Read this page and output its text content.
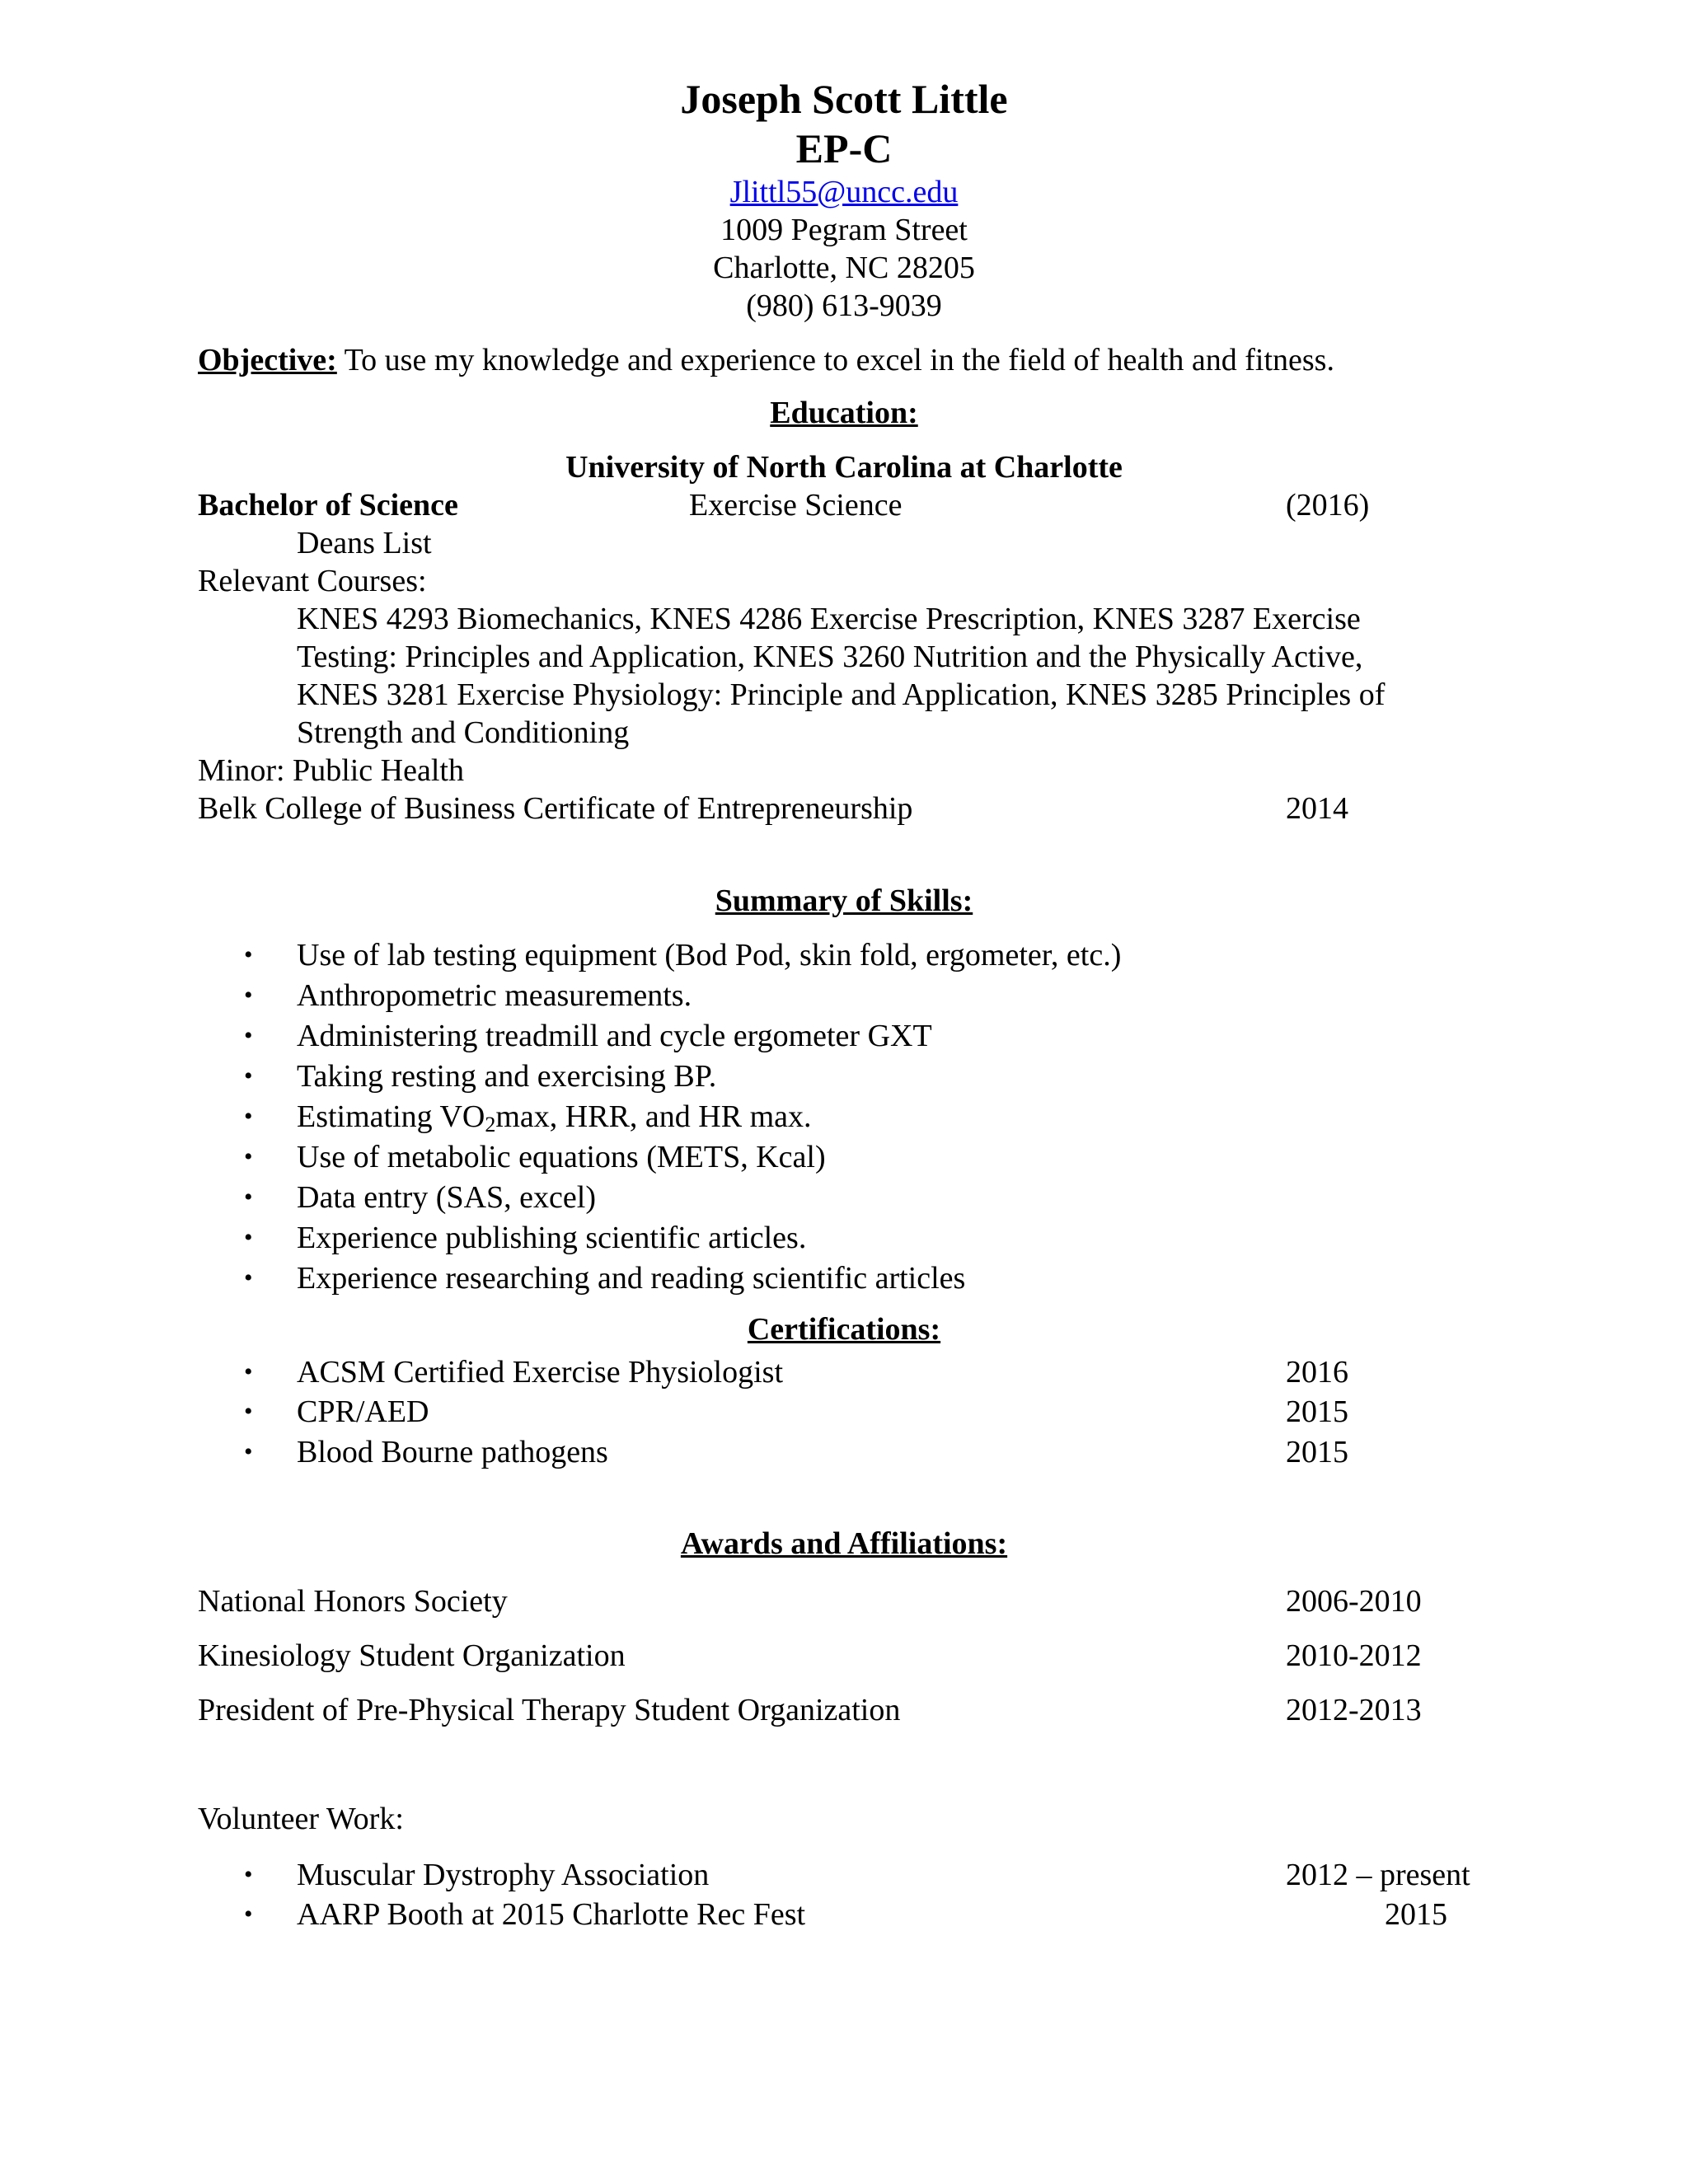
Joseph Scott Little
EP-C
Jlittl55@uncc.edu
1009 Pegram Street
Charlotte, NC 28205
(980) 613-9039
Objective: To use my knowledge and experience to excel in the field of health and fitness.
Education:
University of North Carolina at Charlotte
Bachelor of Science	Exercise Science	(2016)
Deans List
Relevant Courses:
KNES 4293 Biomechanics, KNES 4286 Exercise Prescription, KNES 3287 Exercise
Testing: Principles and Application, KNES 3260 Nutrition and the Physically Active,
KNES 3281 Exercise Physiology: Principle and Application, KNES 3285 Principles of
Strength and Conditioning
Minor: Public Health
Belk College of Business Certificate of Entrepreneurship	2014
Summary of Skills:
• Use of lab testing equipment (Bod Pod, skin fold, ergometer, etc.)
• Anthropometric measurements.
• Administering treadmill and cycle ergometer GXT
• Taking resting and exercising BP.
• Estimating $VO_2\max$, HRR, and HR max.
• Use of metabolic equations (METS, Kcal)
• Data entry (SAS, excel)
• Experience publishing scientific articles.
• Experience researching and reading scientific articles
Certifications:
• ACSM Certified Exercise Physiologist	2016
• CPR/AED	2015
• Blood Bourne pathogens	2015
Awards and Affiliations:
National Honors Society	2006-2010
Kinesiology Student Organization	2010-2012
President of Pre-Physical Therapy Student Organization	2012-2013
Volunteer Work:
• Muscular Dystrophy Association	2012 – present
• AARP Booth at 2015 Charlotte Rec Fest	2015
